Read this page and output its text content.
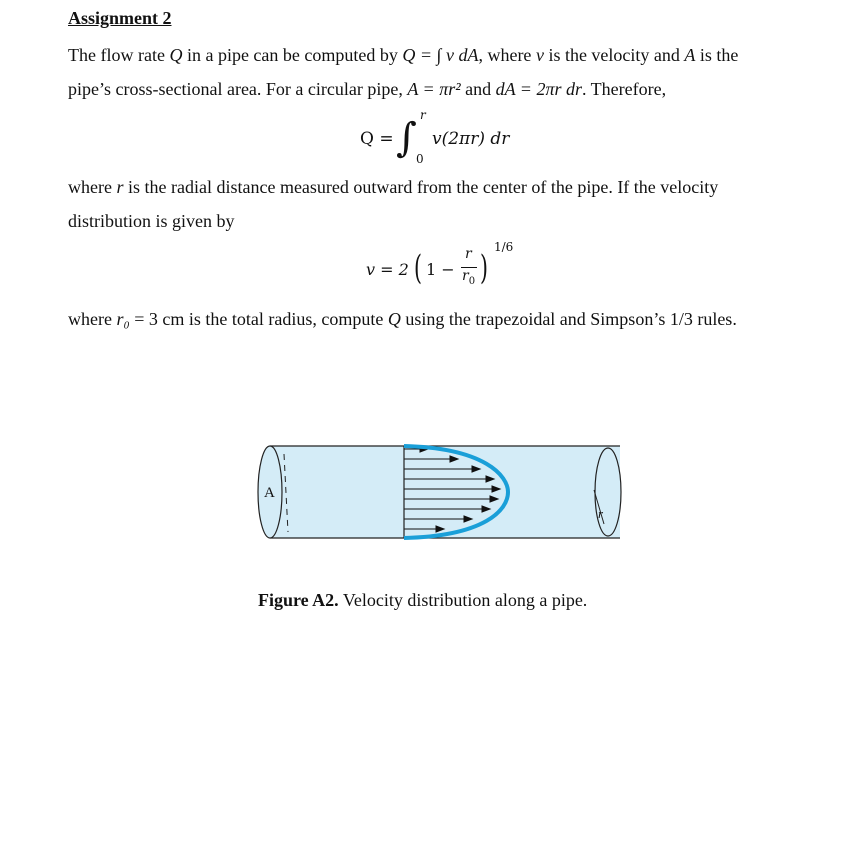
Assignment 2
The flow rate Q in a pipe can be computed by Q = ∫ v dA, where v is the velocity and A is the
pipe’s cross-sectional area. For a circular pipe, A = πr² and dA = 2πr dr. Therefore,
Q = ∫ r
0
v(2πr) dr
where r is the radial distance measured outward from the center of the pipe. If the velocity
distribution is given by
v = 2 ( 1 −
r
$r_0$ )
1/6
where r₀ = 3 cm is the total radius, compute Q using the trapezoidal and Simpson’s 1/3 rules.
A
r
Figure A2. Velocity distribution along a pipe.
